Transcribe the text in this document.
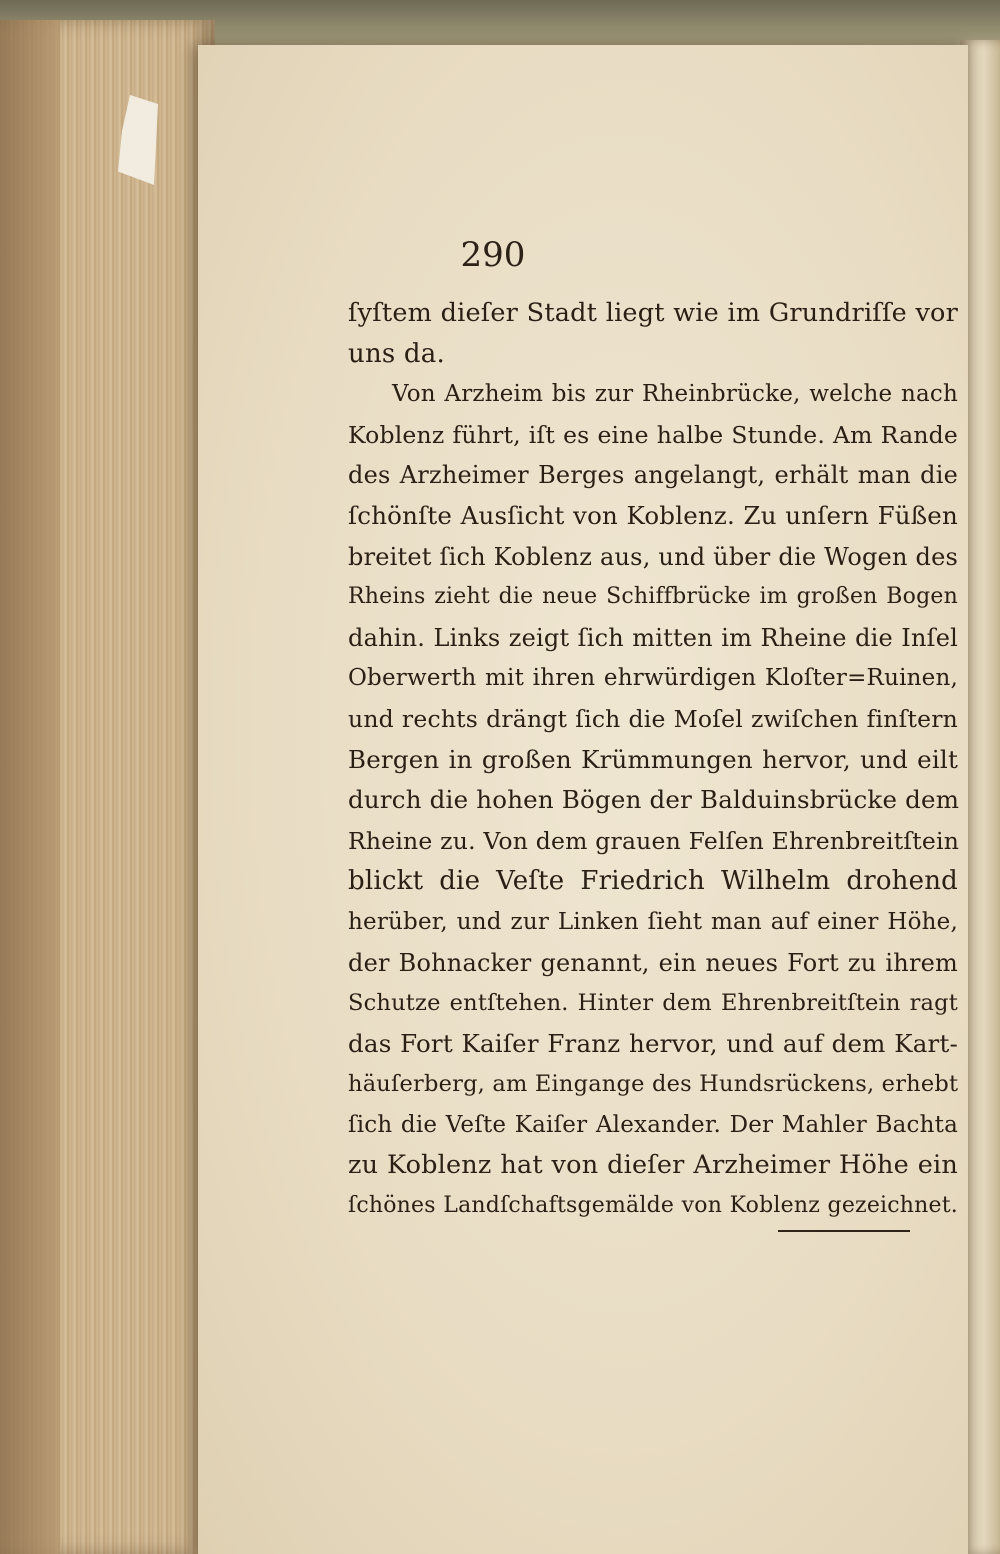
290
ſyſtem dieſer Stadt liegt wie im Grundriſſe vor
uns da.
Von Arzheim bis zur Rheinbrücke, welche nach
Koblenz führt, iſt es eine halbe Stunde. Am Rande
des Arzheimer Berges angelangt, erhält man die
ſchönſte Ausſicht von Koblenz. Zu unſern Füßen
breitet ſich Koblenz aus, und über die Wogen des
Rheins zieht die neue Schiffbrücke im großen Bogen
dahin. Links zeigt ſich mitten im Rheine die Inſel
Oberwerth mit ihren ehrwürdigen Kloſter=Ruinen,
und rechts drängt ſich die Moſel zwiſchen finſtern
Bergen in großen Krümmungen hervor, und eilt
durch die hohen Bögen der Balduinsbrücke dem
Rheine zu. Von dem grauen Felſen Ehrenbreitſtein
blickt die Veſte Friedrich Wilhelm drohend
herüber, und zur Linken ſieht man auf einer Höhe,
der Bohnacker genannt, ein neues Fort zu ihrem
Schutze entſtehen. Hinter dem Ehrenbreitſtein ragt
das Fort Kaiſer Franz hervor, und auf dem Kart-
häuſerberg, am Eingange des Hundsrückens, erhebt
ſich die Veſte Kaiſer Alexander. Der Mahler Bachta
zu Koblenz hat von dieſer Arzheimer Höhe ein
ſchönes Landſchaftsgemälde von Koblenz gezeichnet.
